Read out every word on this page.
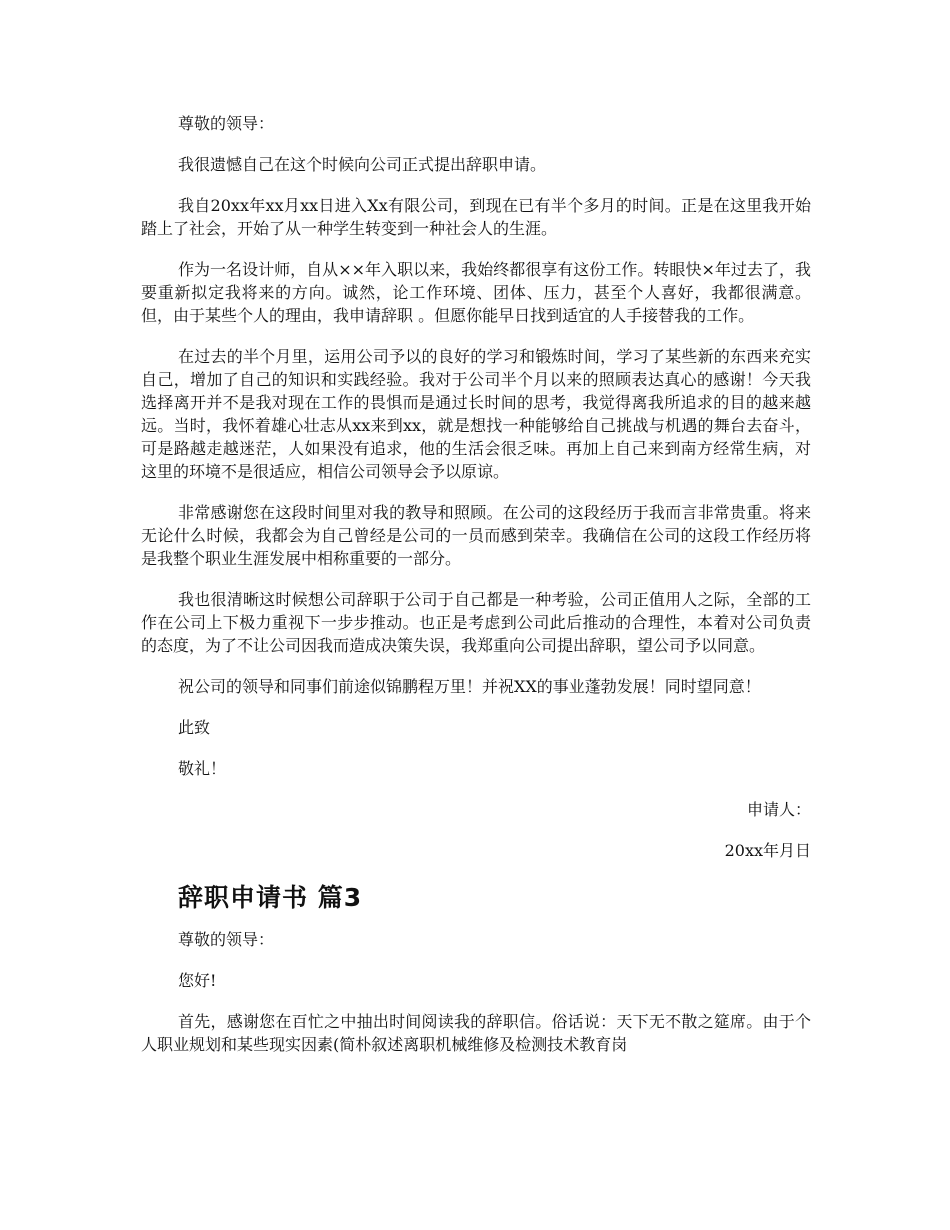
尊敬的领导：

我很遗憾自己在这个时候向公司正式提出辞职申请。

我自20xx年xx月xx日进入Xx有限公司，到现在已有半个多月的时间。正是在这里我开始踏上了社会，开始了从一种学生转变到一种社会人的生涯。

作为一名设计师，自从××年入职以来，我始终都很享有这份工作。转眼快×年过去了，我要重新拟定我将来的方向。诚然，论工作环境、团体、压力，甚至个人喜好，我都很满意。但，由于某些个人的理由，我申请辞职 。但愿你能早日找到适宜的人手接替我的工作。

在过去的半个月里，运用公司予以的良好的学习和锻炼时间，学习了某些新的东西来充实自己，增加了自己的知识和实践经验。我对于公司半个月以来的照顾表达真心的感谢！今天我选择离开并不是我对现在工作的畏惧而是通过长时间的思考，我觉得离我所追求的目的越来越远。当时，我怀着雄心壮志从xx来到xx，就是想找一种能够给自己挑战与机遇的舞台去奋斗，可是路越走越迷茫，人如果没有追求，他的生活会很乏味。再加上自己来到南方经常生病，对这里的环境不是很适应，相信公司领导会予以原谅。

非常感谢您在这段时间里对我的教导和照顾。在公司的这段经历于我而言非常贵重。将来无论什么时候，我都会为自己曾经是公司的一员而感到荣幸。我确信在公司的这段工作经历将是我整个职业生涯发展中相称重要的一部分。

我也很清晰这时候想公司辞职于公司于自己都是一种考验，公司正值用人之际，全部的工作在公司上下极力重视下一步步推动。也正是考虑到公司此后推动的合理性，本着对公司负责的态度，为了不让公司因我而造成决策失误，我郑重向公司提出辞职，望公司予以同意。

祝公司的领导和同事们前途似锦鹏程万里！并祝XX的事业蓬勃发展！同时望同意！

此致

敬礼！

申请人：

20xx年月日

辞职申请书 篇3

尊敬的领导：

您好!

首先，感谢您在百忙之中抽出时间阅读我的辞职信。俗话说：天下无不散之筵席。由于个人职业规划和某些现实因素(简朴叙述离职机械维修及检测技术教育岗
